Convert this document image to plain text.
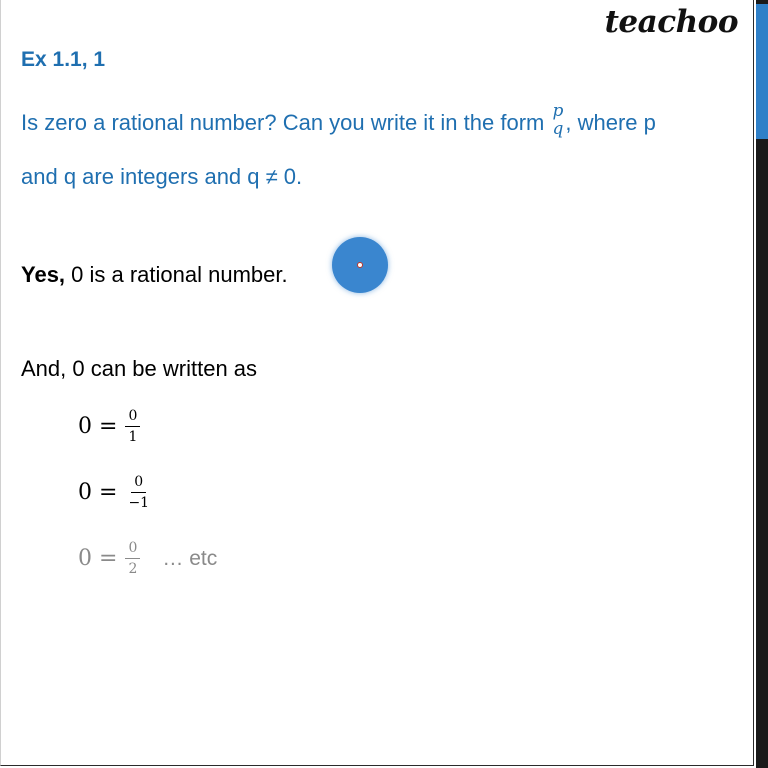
teachoo
Ex 1.1, 1
Is zero a rational number? Can you write it in the form p
q , where p
and q are integers and q ≠ 0.
Yes, 0 is a rational number.
And, 0 can be written as
$0 = \frac{0}{1}$
$0 = \frac{0}{-1}$
$0 = \frac{0}{2}$ … etc
